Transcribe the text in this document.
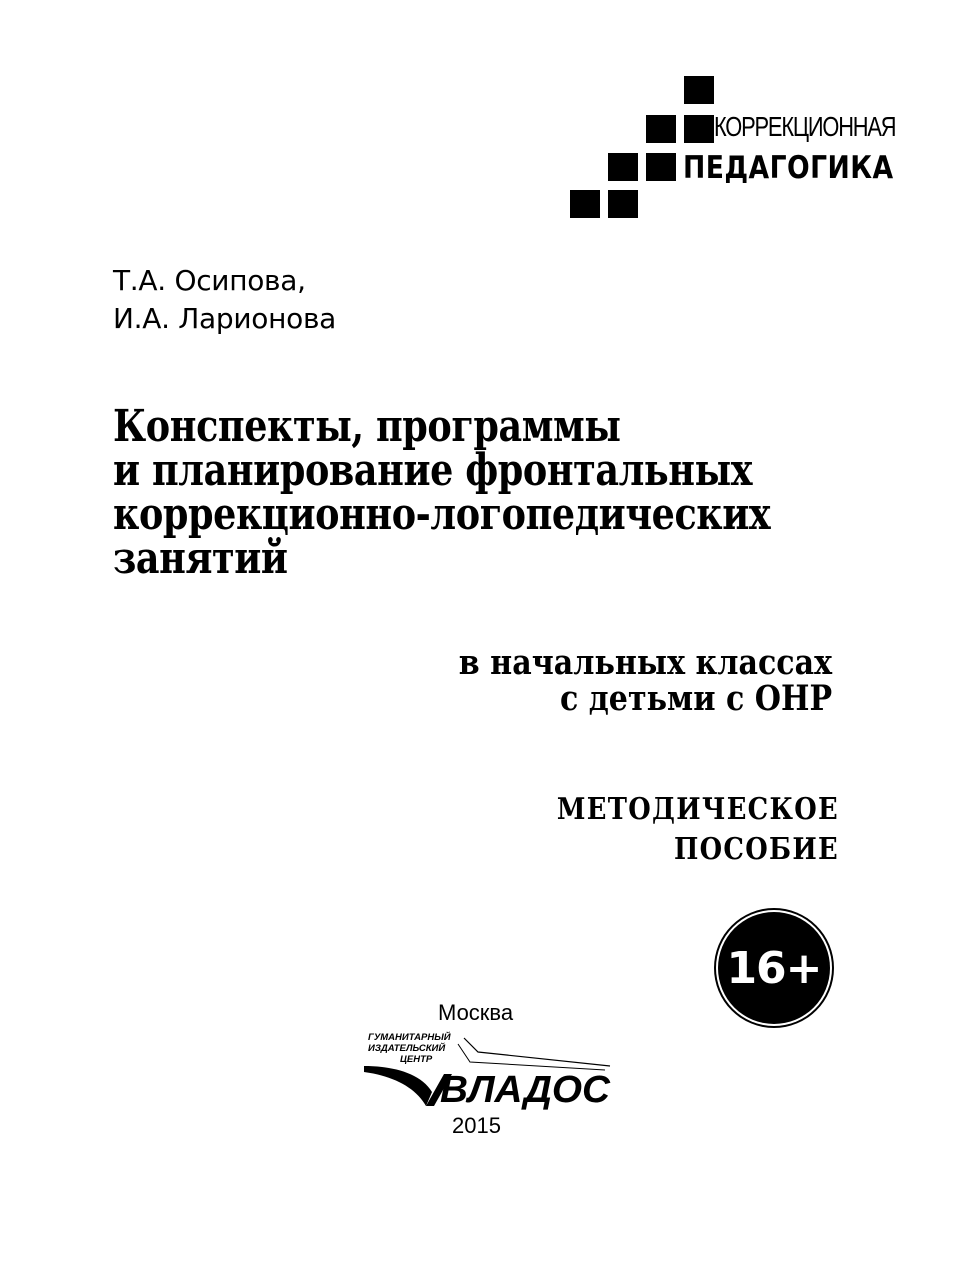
КОРРЕКЦИОННАЯ
ПЕДАГОГИКА
Т.А. Осипова,
И.А. Ларионова
Конспекты, программы
и планирование фронтальных
коррекционно-логопедических
занятий
в начальных классах
с детьми с ОНР
МЕТОДИЧЕСКОЕ
ПОСОБИЕ
16+
Москва
ГУМАНИТАРНЫЙ
ИЗДАТЕЛЬСКИЙ
ЦЕНТР
ВЛАДОС
2015
